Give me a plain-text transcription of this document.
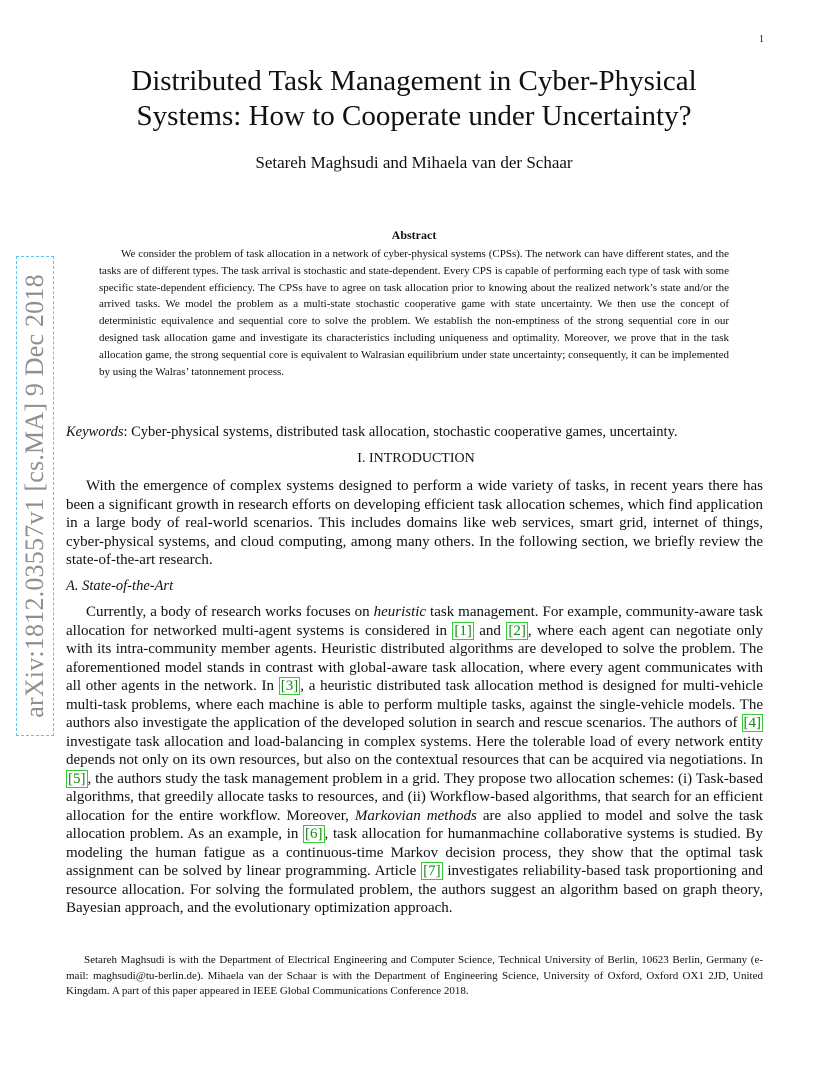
1
arXiv:1812.03557v1 [cs.MA] 9 Dec 2018
Distributed Task Management in Cyber-Physical
Systems: How to Cooperate under Uncertainty?
Setareh Maghsudi and Mihaela van der Schaar
Abstract

We consider the problem of task allocation in a network of cyber-physical systems (CPSs). The network can have different states, and the tasks are of different types. The task arrival is stochastic and state-dependent. Every CPS is capable of performing each type of task with some specific state-dependent efficiency. The CPSs have to agree on task allocation prior to knowing about the realized network’s state and/or the arrived tasks. We model the problem as a multi-state stochastic cooperative game with state uncertainty. We then use the concept of deterministic equivalence and sequential core to solve the problem. We establish the non-emptiness of the strong sequential core in our designed task allocation game and investigate its characteristics including uniqueness and optimality. Moreover, we prove that in the task allocation game, the strong sequential core is equivalent to Walrasian equilibrium under state uncertainty; consequently, it can be implemented by using the Walras’ tatonnement process.

Keywords: Cyber-physical systems, distributed task allocation, stochastic cooperative games, uncertainty.
I. INTRODUCTION

With the emergence of complex systems designed to perform a wide variety of tasks, in recent years there has been a significant growth in research efforts on developing efficient task allocation schemes, which find application in a large body of real-world scenarios. This includes domains like web services, smart grid, internet of things, cyber-physical systems, and cloud computing, among many others. In the following section, we briefly review the state-of-the-art research.

A. State-of-the-Art

Currently, a body of research works focuses on heuristic task management. For example, community-aware task allocation for networked multi-agent systems is considered in [1] and [2] , where each agent can negotiate only with its intra-community member agents. Heuristic distributed algorithms are developed to solve the problem. The aforementioned model stands in contrast with global-aware task allocation, where every agent communicates with all other agents in the network. In [3] , a heuristic distributed task allocation method is designed for multi-vehicle multi-task problems, where each machine is able to perform multiple tasks, against the single-vehicle models. The authors also investigate the application of the developed solution in search and rescue scenarios. The authors of [4] investigate task allocation and load-balancing in complex systems. Here the tolerable load of every network entity depends not only on its own resources, but also on the contextual resources that can be acquired via negotiations. In [5] , the authors study the task management problem in a grid. They propose two allocation schemes: (i) Task-based algorithms, that greedily allocate tasks to resources, and (ii) Workflow-based algorithms, that search for an efficient allocation for the entire workflow. Moreover, Markovian methods are also applied to model and solve the task allocation problem. As an example, in [6] , task allocation for humanmachine collaborative systems is studied. By modeling the human fatigue as a continuous-time Markov decision process, they show that the optimal task assignment can be solved by linear programming. Article [7] investigates reliability-based task proportioning and resource allocation. For solving the formulated problem, the authors suggest an algorithm based on graph theory, Bayesian approach, and the evolutionary optimization approach.

Setareh Maghsudi is with the Department of Electrical Engineering and Computer Science, Technical University of Berlin, 10623 Berlin, Germany (e-mail: maghsudi@tu-berlin.de). Mihaela van der Schaar is with the Department of Engineering Science, University of Oxford, Oxford OX1 2JD, United Kingdam. A part of this paper appeared in IEEE Global Communications Conference 2018.
